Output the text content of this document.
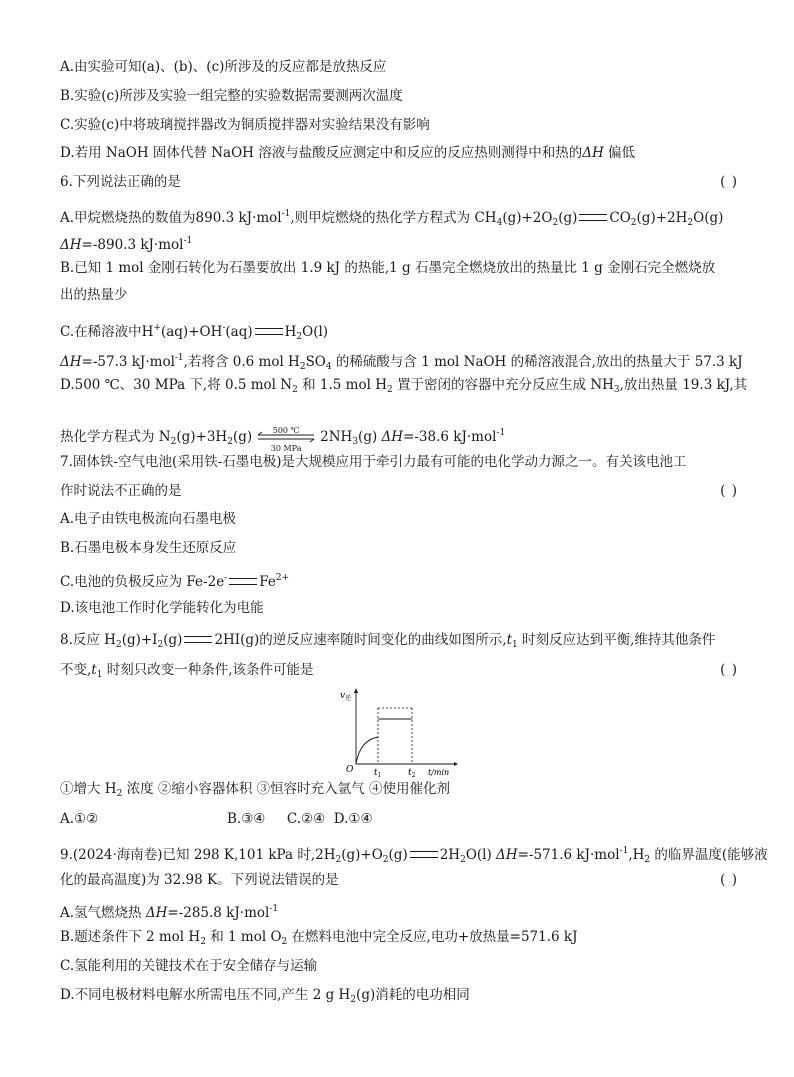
A.由实验可知(a)、(b)、(c)所涉及的反应都是放热反应
B.实验(c)所涉及实验一组完整的实验数据需要测两次温度
C.实验(c)中将玻璃搅拌器改为铜质搅拌器对实验结果没有影响
D.若用 NaOH 固体代替 NaOH 溶液与盐酸反应测定中和反应的反应热则测得中和热的ΔH 偏低
6.下列说法正确的是	( )
A.甲烷燃烧热的数值为890.3 kJ·mol$^{-1}$,则甲烷燃烧的热化学方程式为 $CH_4(g)+2O_2(g)$ $CO_2(g)+2H_2O(g)$
ΔH=-890.3 kJ·mol$^{-1}$
B.已知 1 mol 金刚石转化为石墨要放出 1.9 kJ 的热能,1 g 石墨完全燃烧放出的热量比 1 g 金刚石完全燃烧放
出的热量少
C.在稀溶液中H+(aq)+OH-(aq) $H_2O(l)$
ΔH=-57.3 kJ·mol$^{-1}$,若将含 0.6 mol $H_2SO_4$ 的稀硫酸与含 1 mol NaOH 的稀溶液混合,放出的热量大于 57.3 kJ
D.500 ℃、30 MPa 下,将 0.5 mol $N_2$ 和 1.5 mol $H_2$ 置于密闭的容器中充分反应生成 $NH_3$,放出热量 19.3 kJ,其
热化学方程式为 $N_2(g)+3H_2(g)$	500 ℃
30 MPa
$2NH_3(g)$ ΔH=-38.6 kJ·mol$^{-1}$
7.固体铁-空气电池(采用铁-石墨电极)是大规模应用于牵引力最有可能的电化学动力源之一。有关该电池工
作时说法不正确的是	( )
A.电子由铁电极流向石墨电极
B.石墨电极本身发生还原反应
C.电池的负极反应为 Fe-2e- $Fe^{2+}$
D.该电池工作时化学能转化为电能
8.反应 $H_2(g)+I_2(g)$ 2HI(g)的逆反应速率随时间变化的曲线如图所示$,t_1$ 时刻反应达到平衡,维持其他条件
不变$,t_1$ 时刻只改变一种条件,该条件可能是	( )
$v_逆$
O $t_1$	$t_2$ t/min
①增大 $H_2$ 浓度 ②缩小容器体积 ③恒容时充入氩气 ④使用催化剂
A.①②                              B.③④     C.②④  D.①④
9.(2024·海南卷)已知 298 K,101 kPa 时$,2H_2(g)+O_2(g)$ $2H_2O(l)$ ΔH=-571.6 $kJ\cdot mol^{-1},H_2$ 的临界温度(能够液
化的最高温度)为 32.98 K。下列说法错误的是	( )
A.氢气燃烧热 ΔH=-285.8 kJ·mol$^{-1}$
B.题述条件下 2 mol $H_2$ 和 1 mol $O_2$ 在燃料电池中完全反应,电功+放热量=571.6 kJ
C.氢能利用的关键技术在于安全储存与运输
D.不同电极材料电解水所需电压不同,产生 2 g $H_2(g)$消耗的电功相同
